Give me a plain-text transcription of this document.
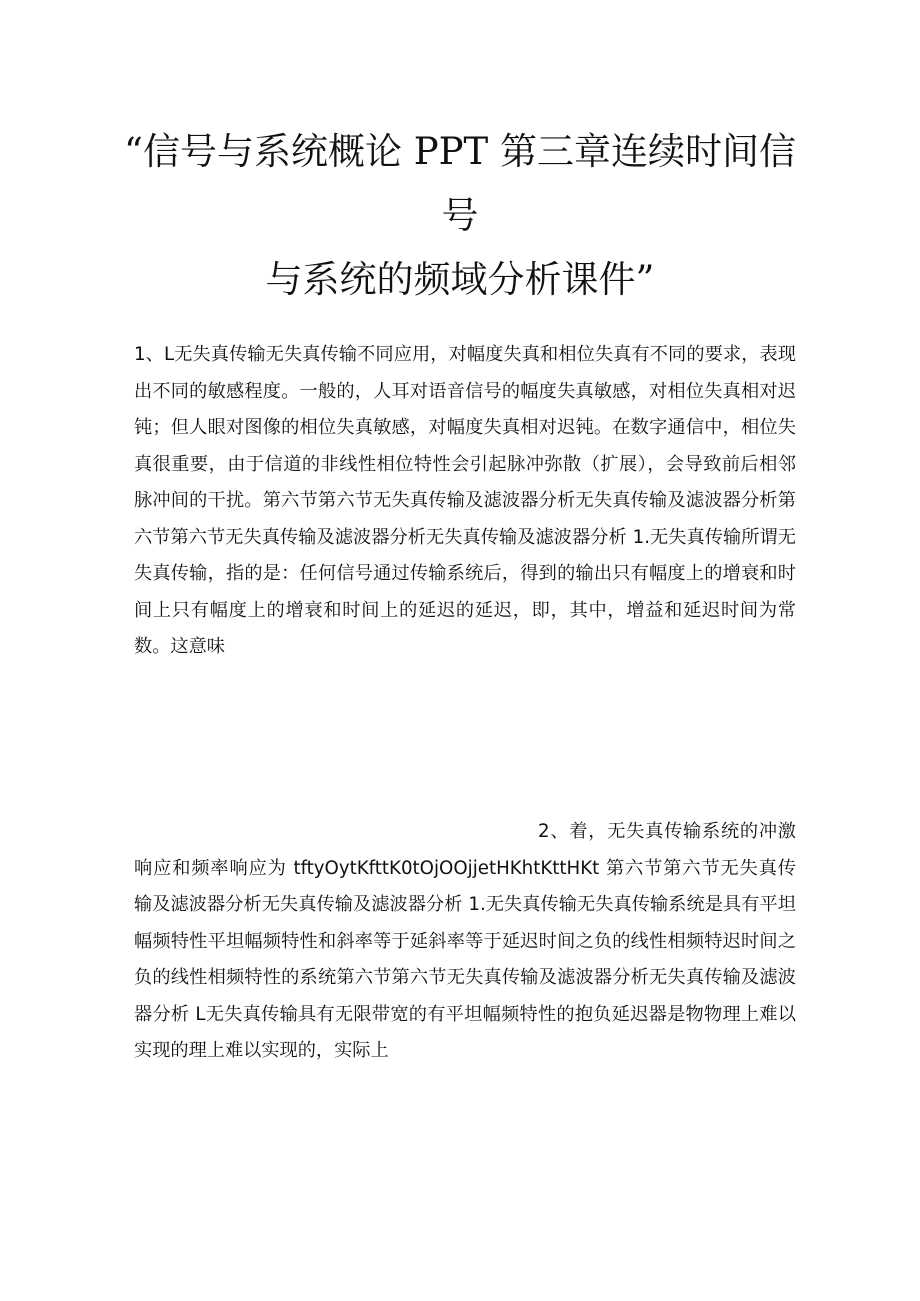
“信号与系统概论 PPT 第三章连续时间信
号
与系统的频域分析课件”

1、L无失真传输无失真传输不同应用，对幅度失真和相位失真有不同的要求，表现出不同的敏感程度。一般的，人耳对语音信号的幅度失真敏感，对相位失真相对迟钝；但人眼对图像的相位失真敏感，对幅度失真相对迟钝。在数字通信中，相位失真很重要，由于信道的非线性相位特性会引起脉冲弥散（扩展），会导致前后相邻脉冲间的干扰。第六节第六节无失真传输及滤波器分析无失真传输及滤波器分析第六节第六节无失真传输及滤波器分析无失真传输及滤波器分析 1.无失真传输所谓无失真传输，指的是：任何信号通过传输系统后，得到的输出只有幅度上的增衰和时间上只有幅度上的增衰和时间上的延迟的延迟，即，其中，增益和延迟时间为常数。这意味

2、着，无失真传输系统的冲激响应和频率响应为 tftyOytKfttK0tOjOOjjetHKhtKttHKt 第六节第六节无失真传输及滤波器分析无失真传输及滤波器分析 1.无失真传输无失真传输系统是具有平坦幅频特性平坦幅频特性和斜率等于延斜率等于延迟时间之负的线性相频特迟时间之负的线性相频特性的系统第六节第六节无失真传输及滤波器分析无失真传输及滤波器分析 L无失真传输具有无限带宽的有平坦幅频特性的抱负延迟器是物物理上难以实现的理上难以实现的，实际上
